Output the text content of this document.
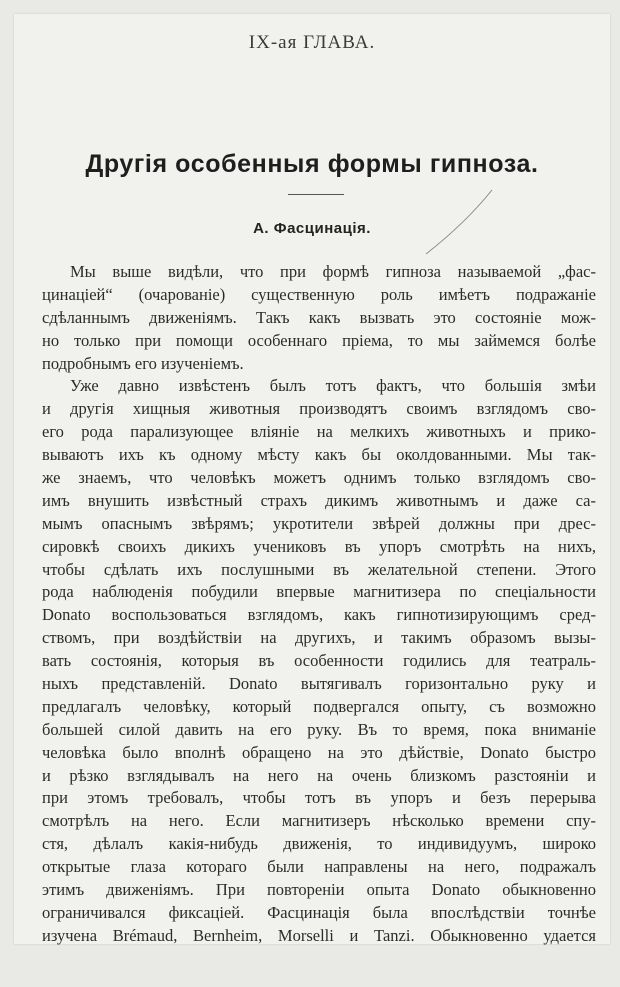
IX-ая ГЛАВА.
Другія особенныя формы гипноза.
А. Фасцинація.
Мы выше видѣли, что при формѣ гипноза называемой „фас-
цинаціей“ (очарованіе) существенную роль имѣетъ подражаніе
сдѣланнымъ движеніямъ. Такъ какъ вызвать это состояніе мож-
но только при помощи особеннаго пріема, то мы займемся болѣе
подробнымъ его изученіемъ.
Уже давно извѣстенъ былъ тотъ фактъ, что большія змѣи
и другія хищныя животныя производятъ своимъ взглядомъ сво-
его рода парализующее вліяніе на мелкихъ животныхъ и прико-
вываютъ ихъ къ одному мѣсту какъ бы околдованными. Мы так-
же знаемъ, что человѣкъ можетъ однимъ только взглядомъ сво-
имъ внушить извѣстный страхъ дикимъ животнымъ и даже са-
мымъ опаснымъ звѣрямъ; укротители звѣрей должны при дрес-
сировкѣ своихъ дикихъ учениковъ въ упоръ смотрѣть на нихъ,
чтобы сдѣлать ихъ послушными въ желательной степени. Этого
рода наблюденія побудили впервые магнитизера по спеціальности
Donato воспользоваться взглядомъ, какъ гипнотизирующимъ сред-
ствомъ, при воздѣйствіи на другихъ, и такимъ образомъ вызы-
вать состоянія, которыя въ особенности годились для театраль-
ныхъ представленій. Donato вытягивалъ горизонтально руку и
предлагалъ человѣку, который подвергался опыту, съ возможно
большей силой давить на его руку. Въ то время, пока вниманіе
человѣка было вполнѣ обращено на это дѣйствіе, Donato быстро
и рѣзко взглядывалъ на него на очень близкомъ разстояніи и
при этомъ требовалъ, чтобы тотъ въ упоръ и безъ перерыва
смотрѣлъ на него. Если магнитизеръ нѣсколько времени спу-
стя, дѣлалъ какія-нибудь движенія, то индивидуумъ, широко
открытые глаза котораго были направлены на него, подражалъ
этимъ движеніямъ. При повтореніи опыта Donato обыкновенно
ограничивался фиксаціей. Фасцинація была впослѣдствіи точнѣе
изучена Brémaud, Bernheim, Morselli и Tanzi. Обыкновенно удается
